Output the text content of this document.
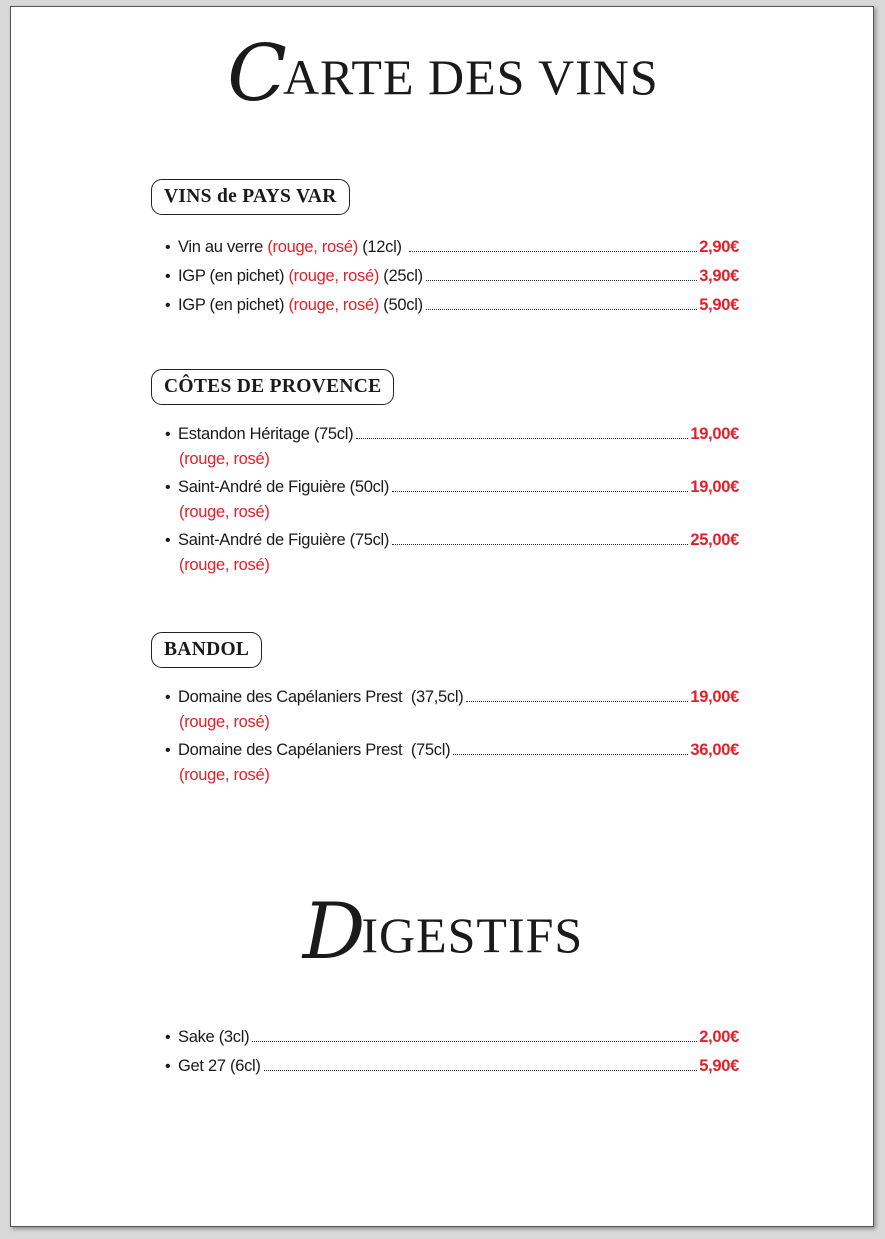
CARTE DES VINS
VINS de PAYS VAR
• Vin au verre (rouge, rosé) (12cl)	2,90€
• IGP (en pichet) (rouge, rosé) (25cl)	3,90€
• IGP (en pichet) (rouge, rosé) (50cl)	5,90€
CÔTES DE PROVENCE
• Estandon Héritage (75cl)	19,00€
(rouge, rosé)
• Saint-André de Figuière (50cl)	19,00€
(rouge, rosé)
• Saint-André de Figuière (75cl)	25,00€
(rouge, rosé)
BANDOL
• Domaine des Capélaniers Prest  (37,5cl)	19,00€
(rouge, rosé)
• Domaine des Capélaniers Prest  (75cl)	36,00€
(rouge, rosé)
DIGESTIFS
• Sake (3cl)	2,00€
• Get 27 (6cl)	5,90€
